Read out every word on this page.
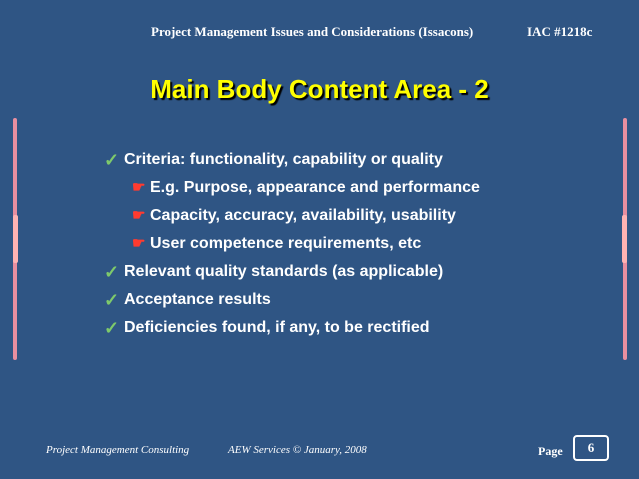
Project Management Issues and Considerations (Issacons)	IAC #1218c
Main Body Content Area - 2
✓ Criteria: functionality, capability or quality
☛ E.g. Purpose, appearance and performance
☛ Capacity, accuracy, availability, usability
☛ User competence requirements, etc
✓ Relevant quality standards (as applicable)
✓ Acceptance results
✓ Deficiencies found, if any, to be rectified
Project Management Consulting	AEW Services © January, 2008	Page 6
